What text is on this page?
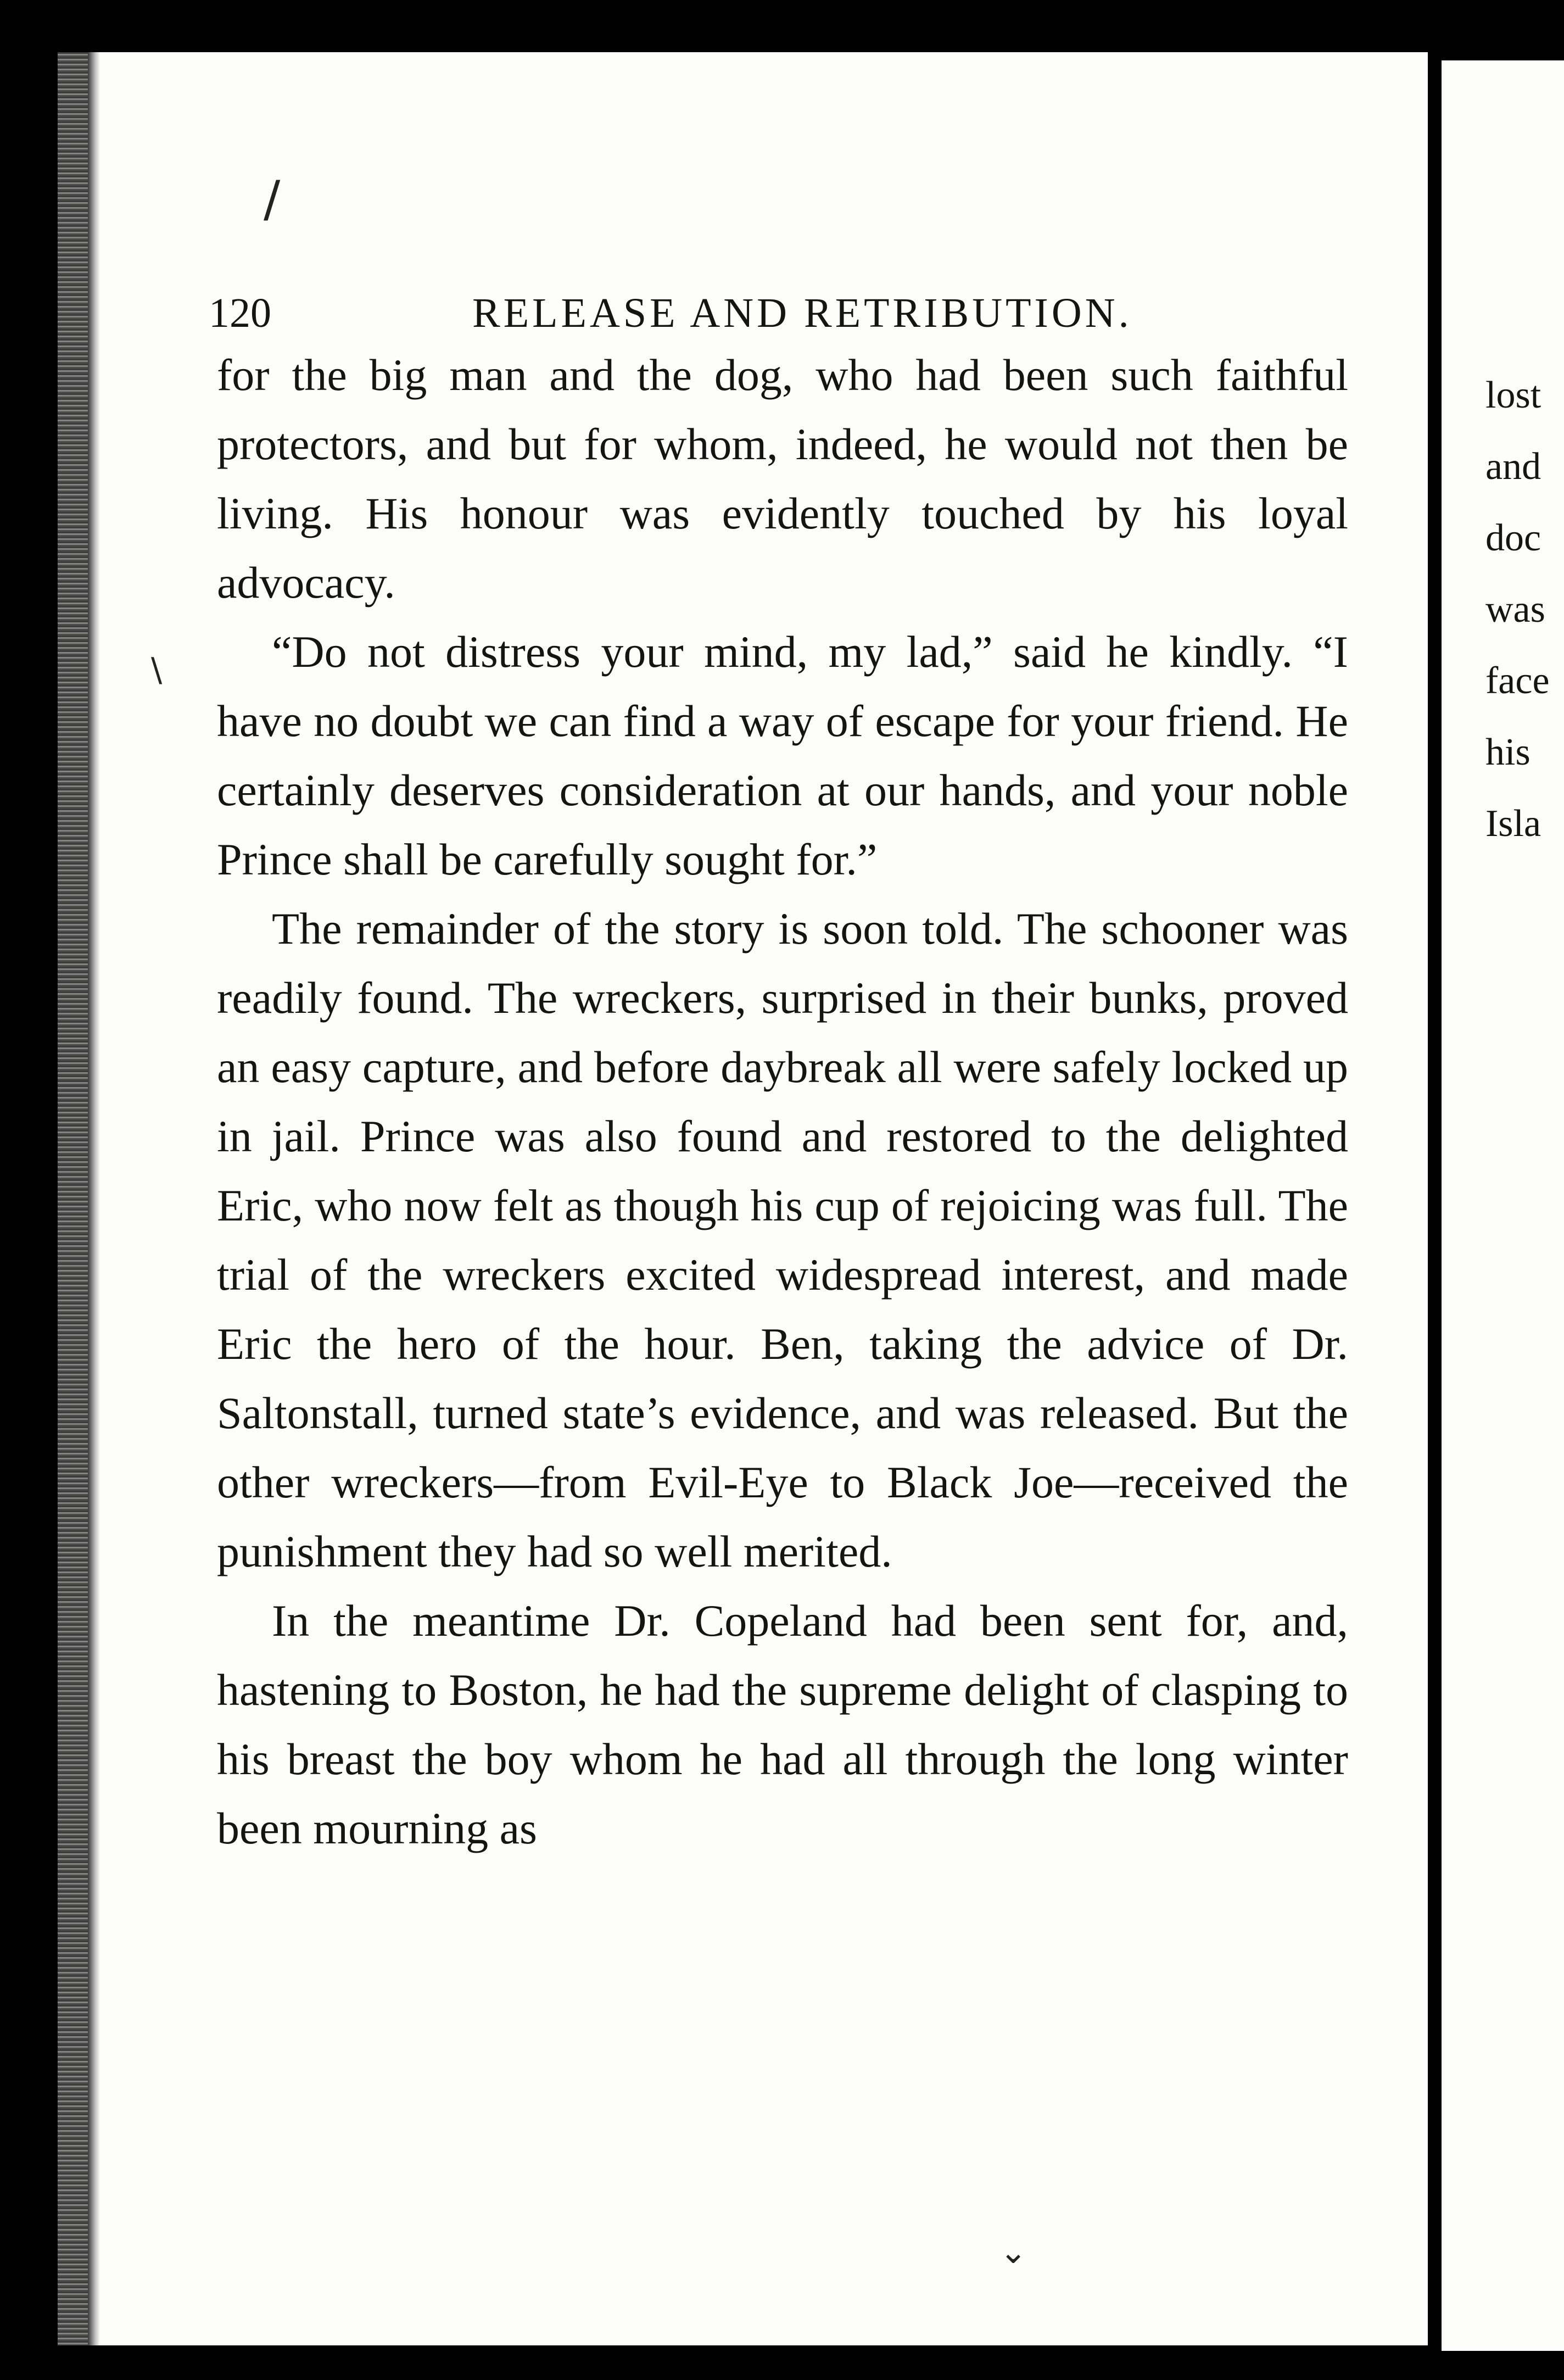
120	RELEASE AND RETRIBUTION.

for the big man and the dog, who had been such faithful protectors, and but for whom, indeed, he would not then be living. His honour was evidently touched by his loyal advocacy.

“Do not distress your mind, my lad,” said he kindly. “I have no doubt we can find a way of escape for your friend. He certainly deserves consideration at our hands, and your noble Prince shall be carefully sought for.”

The remainder of the story is soon told. The schooner was readily found. The wreckers, surprised in their bunks, proved an easy capture, and before daybreak all were safely locked up in jail. Prince was also found and restored to the delighted Eric, who now felt as though his cup of rejoicing was full. The trial of the wreckers excited widespread interest, and made Eric the hero of the hour. Ben, taking the advice of Dr. Saltonstall, turned state’s evidence, and was released. But the other wreckers—from Evil-Eye to Black Joe—received the punishment they had so well merited.

In the meantime Dr. Copeland had been sent for, and, hastening to Boston, he had the supreme delight of clasping to his breast the boy whom he had all through the long winter been mourning as

/
\
⌄
lost
and
doc
was
face
his
Isla
